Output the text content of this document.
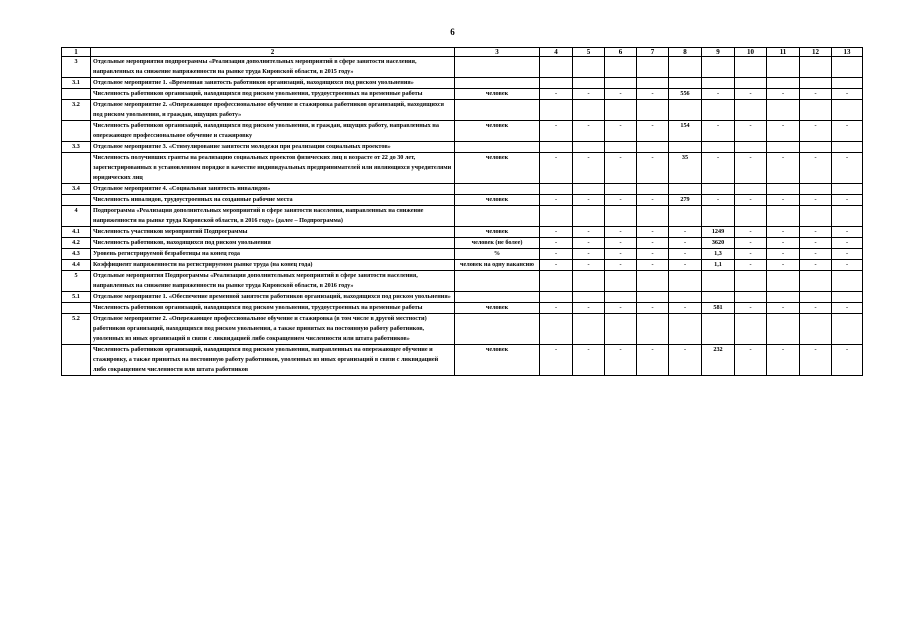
6
1	2	3	4	5	6	7	8	9	10	11	12	13
3	Отдельные мероприятия подпрограммы «Реализация дополнительных мероприятий в сфере занятости населения, направленных на снижение напряженности на рынке труда Кировской области, в 2015 году»											
3.1	Отдельное мероприятие 1. «Временная занятость работников организаций, находящихся под риском увольнения»											
	Численность работников организаций, находящихся под риском увольнения, трудоустроенных на временные работы	человек	-	-	-	-	556	-	-	-	-	-
3.2	Отдельное мероприятие 2. «Опережающее профессиональное обучение и стажировка работников организаций, находящихся под риском увольнения, и граждан, ищущих работу»											
	Численность работников организаций, находящихся под риском увольнения, и граждан, ищущих работу, направленных на опережающее профессиональное обучение и стажировку	человек	-	-	-	-	154	-	-	-	-	-
3.3	Отдельное мероприятие 3. «Стимулирование занятости молодежи при реализации социальных проектов»											
	Численность получивших гранты на реализацию социальных проектов физических лиц в возрасте от 22 до 30 лет, зарегистрированных в установленном порядке в качестве индивидуальных предпринимателей или являющихся учредителями юридических лиц	человек	-	-	-	-	35	-	-	-	-	-
3.4	Отдельное мероприятие 4. «Социальная занятость инвалидов»											
	Численность инвалидов, трудоустроенных на созданные рабочие места	человек	-	-	-	-	279	-	-	-	-	-
4	Подпрограмма «Реализация дополнительных мероприятий в сфере занятости населения, направленных на снижение напряженности на рынке труда Кировской области, в 2016 году» (далее – Подпрограмма)											
4.1	Численность участников мероприятий Подпрограммы	человек	-	-	-	-	-	1249	-	-	-	-
4.2	Численность работников, находящихся под риском увольнения	человек (не более)	-	-	-	-	-	3620	-	-	-	-
4.3	Уровень регистрируемой безработицы на конец года	%	-	-	-	-	-	1,3	-	-	-	-
4.4	Коэффициент напряженности на регистрируемом рынке труда (на конец года)	человек на одну вакансию	-	-	-	-	-	1,1	-	-	-	-
5	Отдельные мероприятия Подпрограммы «Реализация дополнительных мероприятий в сфере занятости населения, направленных на снижение напряженности на рынке труда Кировской области, в 2016 году»											
5.1	Отдельное мероприятие 1. «Обеспечение временной занятости работников организаций, находящихся под риском увольнения»											
	Численность работников организаций, находящихся под риском увольнения, трудоустроенных на временные работы	человек	-	-	-	-	-	581	-	-	-	-
5.2	Отдельное мероприятие 2. «Опережающее профессиональное обучение и стажировка (в том числе в другой местности) работников организаций, находящихся под риском увольнения, а также принятых на постоянную работу работников, уволенных из иных организаций в связи с ликвидацией либо сокращением численности или штата работников»											
	Численность работников организаций, находящихся под риском увольнения, направленных на опережающее обучение и стажировку, а также принятых на постоянную работу работников, уволенных из иных организаций в связи с ликвидацией либо сокращением численности или штата работников	человек	-	-	-	-	-	232	-	-	-	-
